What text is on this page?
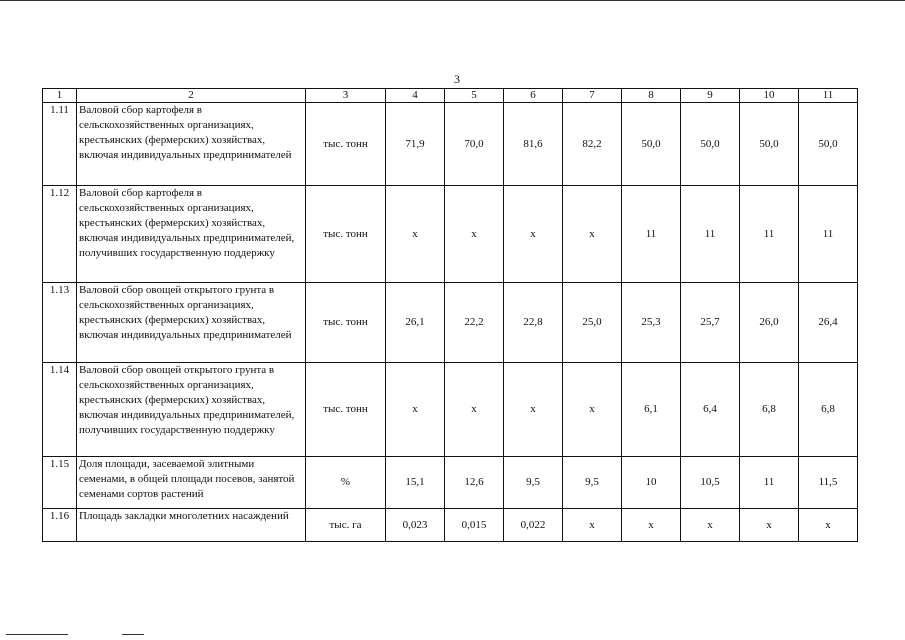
3
1	2	3	4	5	6	7	8	9	10	11
1.11	Валовой сбор картофеля в сельскохозяйственных организациях, крестьянских (фермерских) хозяйствах, включая индивидуальных предпринимателей	тыс. тонн	71,9	70,0	81,6	82,2	50,0	50,0	50,0	50,0
1.12	Валовой сбор картофеля в сельскохозяйственных организациях, крестьянских (фермерских) хозяйствах, включая индивидуальных предпринимателей, получивших государственную поддержку	тыс. тонн	х	х	х	х	11	11	11	11
1.13	Валовой сбор овощей открытого грунта в сельскохозяйственных организациях, крестьянских (фермерских) хозяйствах, включая индивидуальных предпринимателей	тыс. тонн	26,1	22,2	22,8	25,0	25,3	25,7	26,0	26,4
1.14	Валовой сбор овощей открытого грунта в сельскохозяйственных организациях, крестьянских (фермерских) хозяйствах, включая индивидуальных предпринимателей, получивших государственную поддержку	тыс. тонн	х	х	х	х	6,1	6,4	6,8	6,8
1.15	Доля площади, засеваемой элитными семенами, в общей площади посевов, занятой семенами сортов растений	%	15,1	12,6	9,5	9,5	10	10,5	11	11,5
1.16	Площадь закладки многолетних насаждений	тыс. га	0,023	0,015	0,022	х	х	х	х	х
